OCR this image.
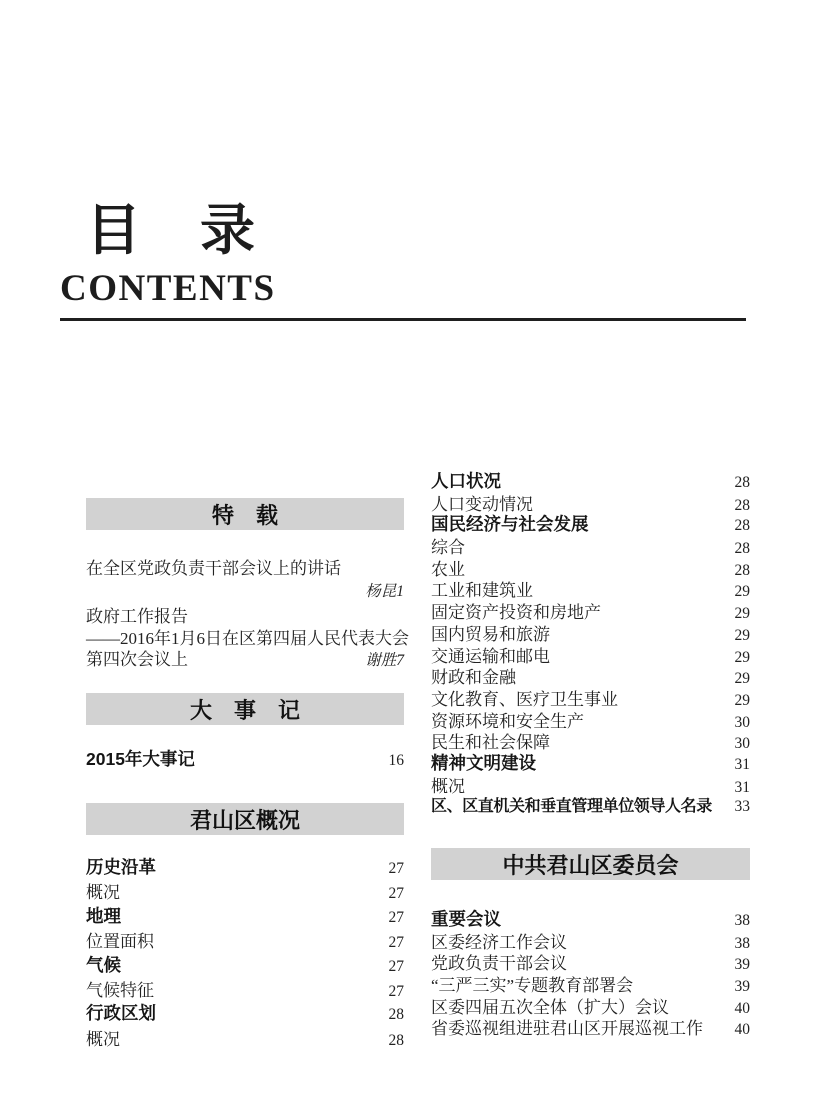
目　录
CONTENTS
特　载
在全区党政负责干部会议上的讲话
杨昆1
政府工作报告
——2016年1月6日在区第四届人民代表大会
第四次会议上	谢胜7
大　事　记
2015年大事记	16
君山区概况
历史沿革	27
概况	27
地理	27
位置面积	27
气候	27
气候特征	27
行政区划	28
概况	28
人口状况	28
人口变动情况	28
国民经济与社会发展	28
综合	28
农业	28
工业和建筑业	29
固定资产投资和房地产	29
国内贸易和旅游	29
交通运输和邮电	29
财政和金融	29
文化教育、医疗卫生事业	29
资源环境和安全生产	30
民生和社会保障	30
精神文明建设	31
概况	31
区、区直机关和垂直管理单位领导人名录	33
中共君山区委员会
重要会议	38
区委经济工作会议	38
党政负责干部会议	39
“三严三实”专题教育部署会	39
区委四届五次全体（扩大）会议	40
省委巡视组进驻君山区开展巡视工作	40
